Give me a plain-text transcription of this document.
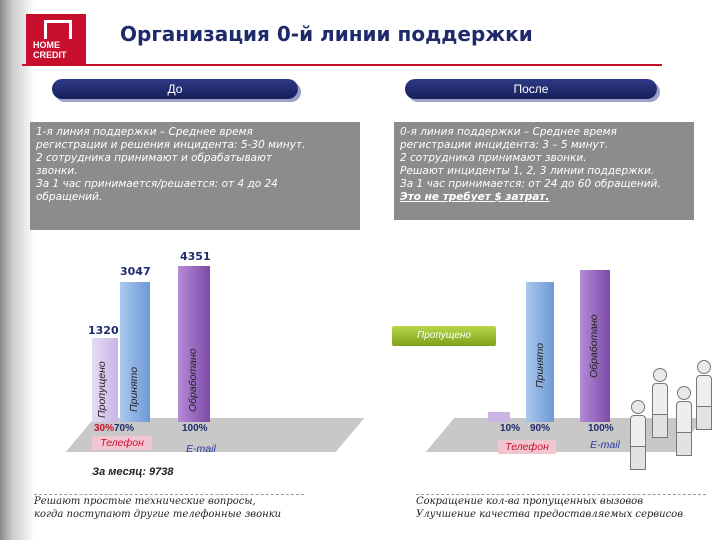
HOME CREDIT
Организация 0-й линии поддержки
До	После
1-я линия поддержки – Среднее время
регистрации и решения инцидента: 5-30 минут.
2 сотрудника принимают и обрабатывают
звонки.
За 1 час принимается/решается: от 4 до 24
обращений.
0-я линия поддержки – Среднее время
регистрации инцидента: 3 – 5 минут.
2 сотрудника принимают звонки.
Решают инциденты 1, 2, 3 линии поддержки.
За 1 час принимается: от 24 до 60 обращений.
Это не требует $ затрат.
4351
3047
1320
Пропущено Принято	Обработано
30% 70%	100%
Телефон	E-mail
Пропущено
Принято	Обработано
10% 90%	100%
Телефон	E-mail
За месяц: 9738
Решают простые технические вопросы,
когда поступают другие телефонные звонки
Сокращение кол-ва пропущенных вызовов
Улучшение качества предоставляемых сервисов
